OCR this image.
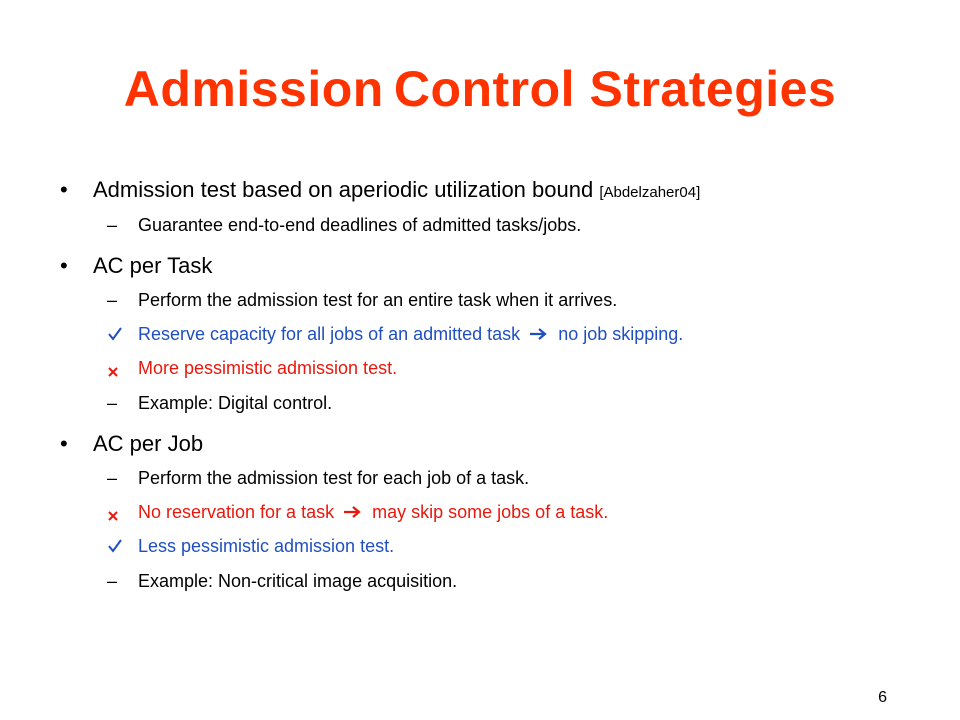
Admission Control Strategies
• Admission test based on aperiodic utilization bound [Abdelzaher04]
– Guarantee end-to-end deadlines of admitted tasks/jobs.
• AC per Task
– Perform the admission test for an entire task when it arrives.
Reserve capacity for all jobs of an admitted task no job skipping.
More pessimistic admission test.
– Example: Digital control.
• AC per Job
– Perform the admission test for each job of a task.
No reservation for a task may skip some jobs of a task.
Less pessimistic admission test.
– Example: Non-critical image acquisition.
6
